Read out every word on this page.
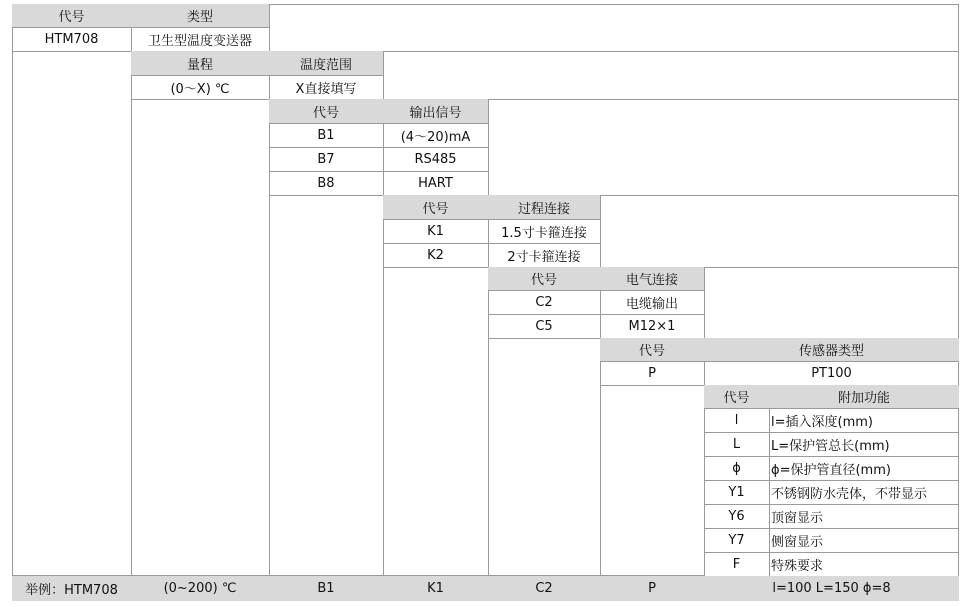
代号	类型
HTM708	卫生型温度变送器
量程	温度范围
(0～X) ℃	X直接填写
代号	输出信号
B1	(4～20)mA
B7	RS485
B8	HART
代号	过程连接
K1	1.5寸卡箍连接
K2	2寸卡箍连接
代号	电气连接
C2	电缆输出
C5	M12×1
代号	传感器类型
P	PT100
代号	附加功能
l	l=插入深度(mm)
L	L=保护管总长(mm)
ϕ	ϕ=保护管直径(mm)
Y1	不锈钢防水壳体，不带显示
Y6	顶窗显示
Y7	侧窗显示
F	特殊要求
举例：HTM708	(0~200) ℃	B1	K1	C2	P	l=100 L=150 ϕ=8
